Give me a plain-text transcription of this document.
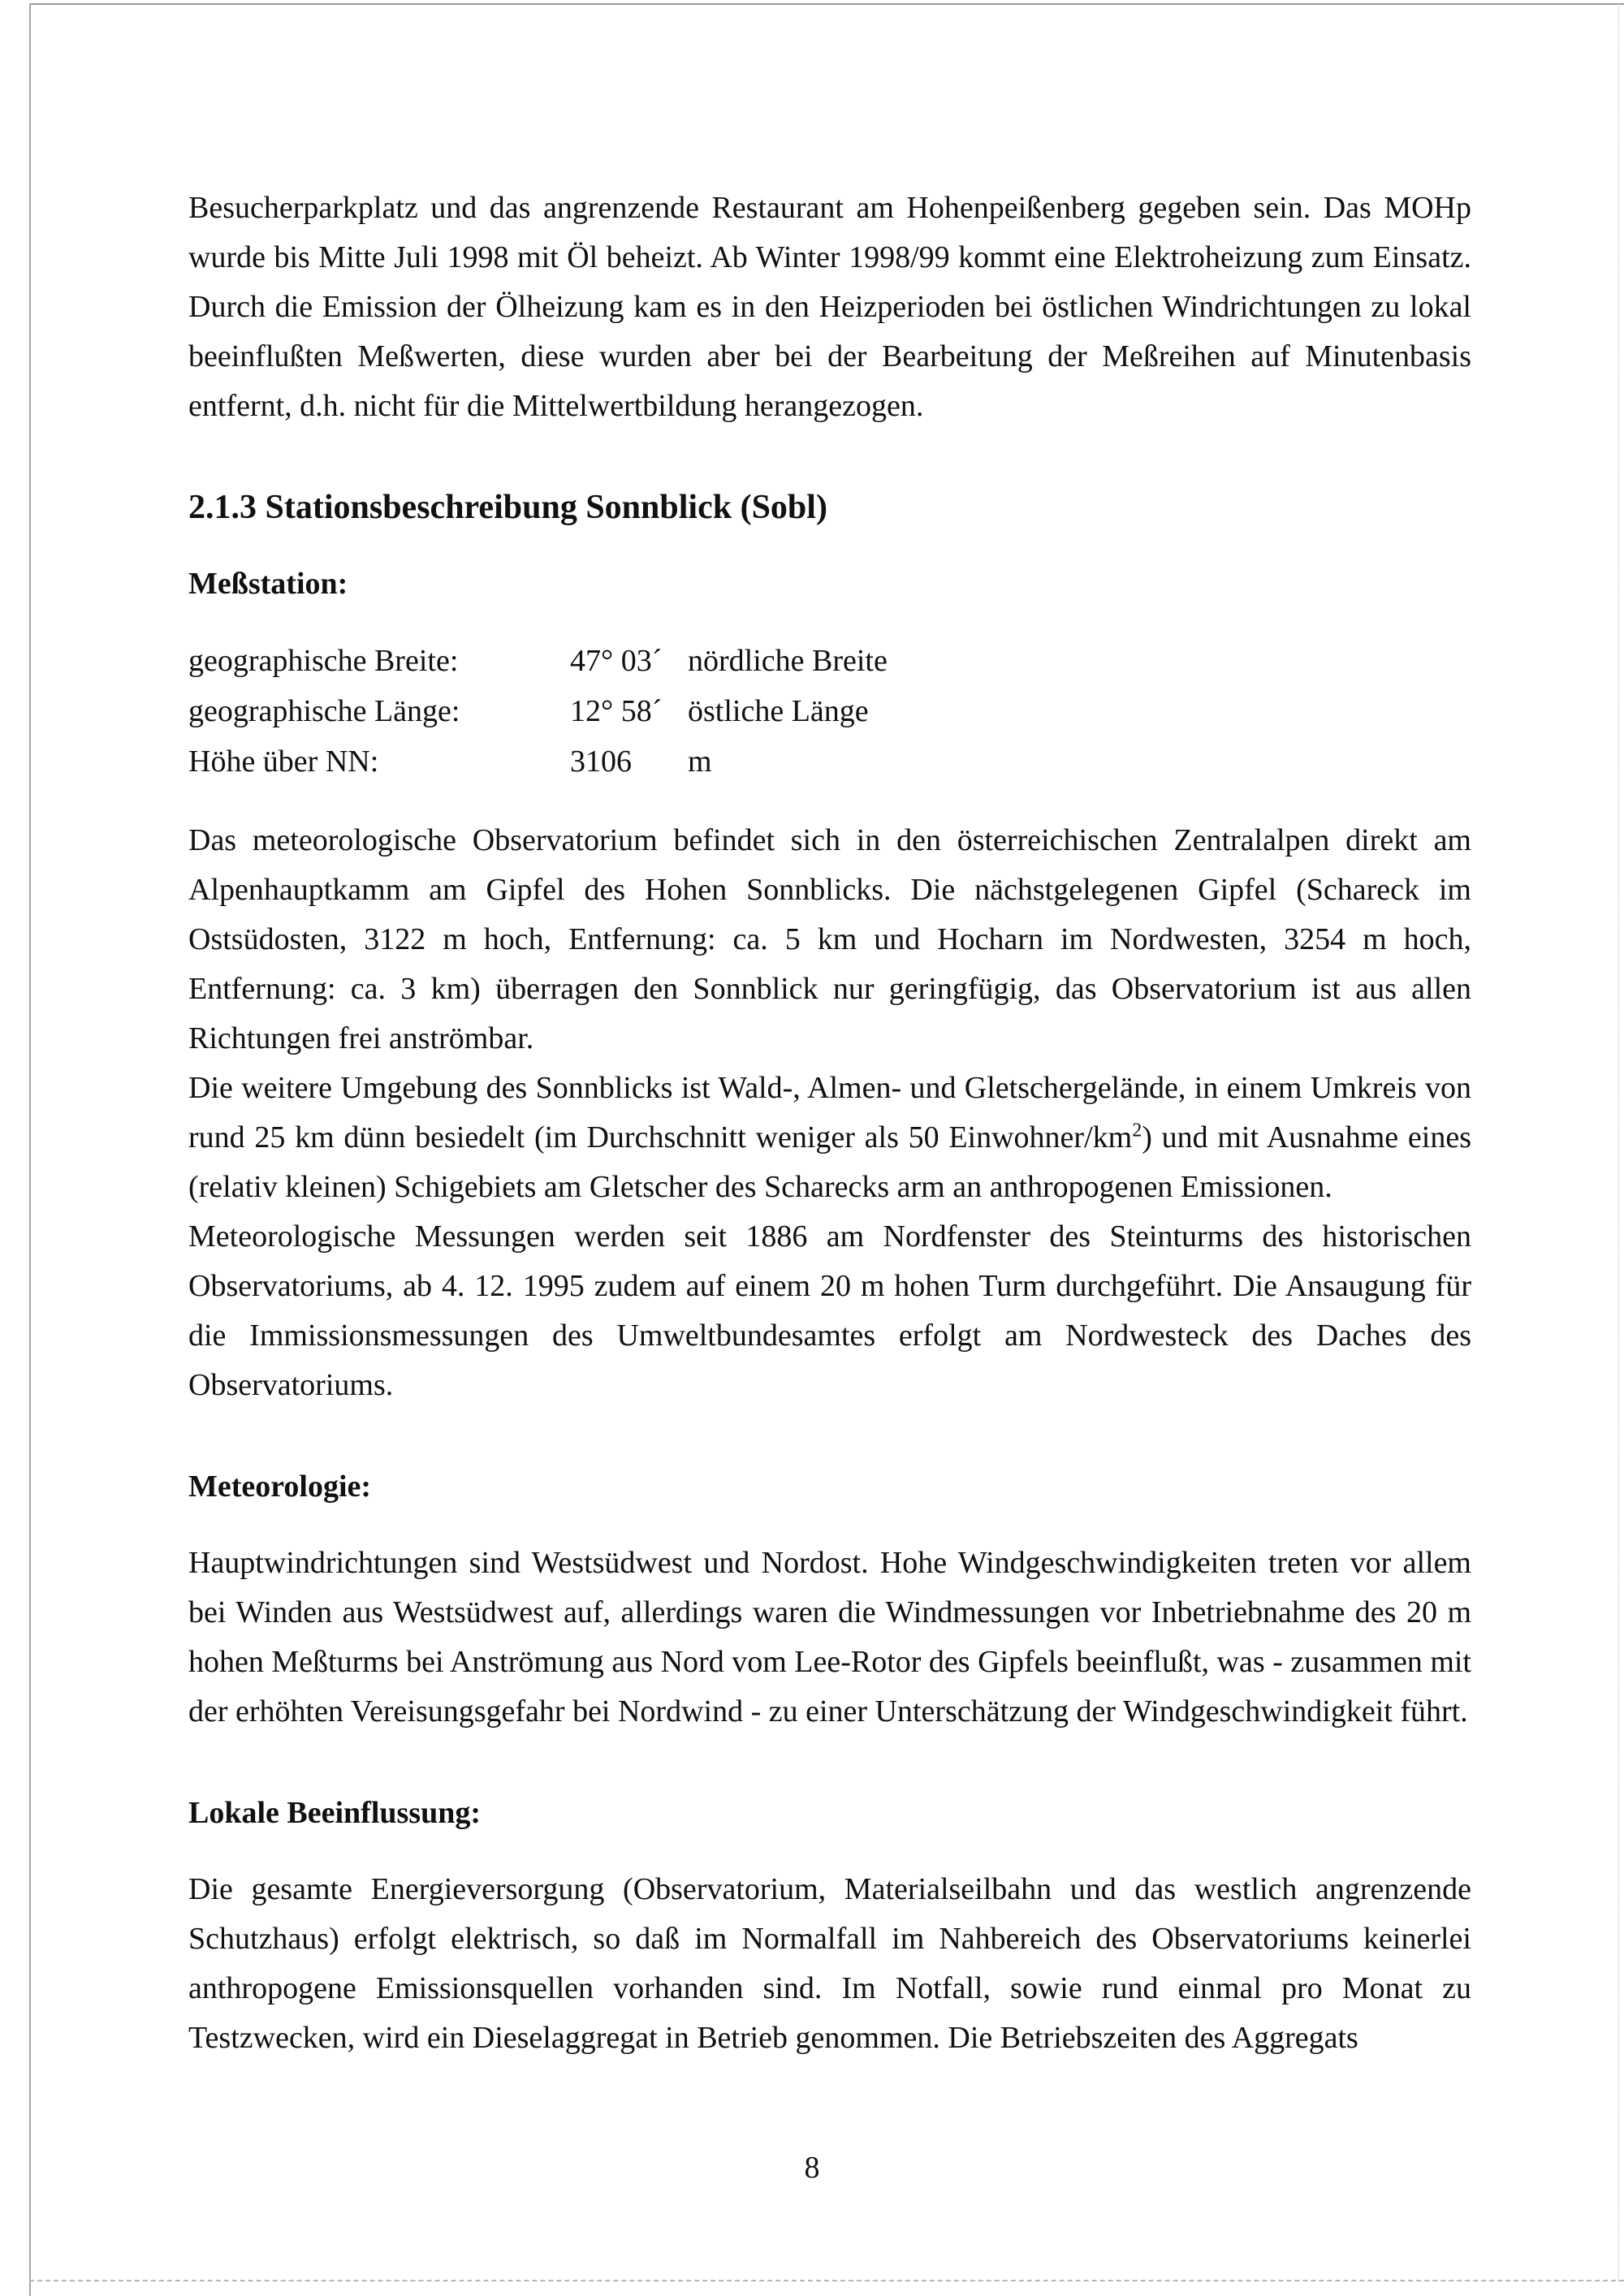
Besucherparkplatz und das angrenzende Restaurant am Hohenpeißenberg gegeben sein. Das MOHp wurde bis Mitte Juli 1998 mit Öl beheizt. Ab Winter 1998/99 kommt eine Elektroheizung zum Einsatz. Durch die Emission der Ölheizung kam es in den Heizperioden bei östlichen Windrichtungen zu lokal beeinflußten Meßwerten, diese wurden aber bei der Bearbeitung der Meßreihen auf Minutenbasis entfernt, d.h. nicht für die Mittelwertbildung herangezogen.

2.1.3 Stationsbeschreibung Sonnblick (Sobl)
Meßstation:
geographische Breite:	47° 03´	nördliche Breite
geographische Länge:	12° 58´	östliche Länge
Höhe über NN:	3106	m

Das meteorologische Observatorium befindet sich in den österreichischen Zentralalpen direkt am Alpenhauptkamm am Gipfel des Hohen Sonnblicks. Die nächstgelegenen Gipfel (Schareck im Ostsüdosten, 3122 m hoch, Entfernung: ca. 5 km und Hocharn im Nordwesten, 3254 m hoch, Entfernung: ca. 3 km) überragen den Sonnblick nur geringfügig, das Observatorium ist aus allen Richtungen frei anströmbar.

Die weitere Umgebung des Sonnblicks ist Wald-, Almen- und Gletschergelände, in einem Umkreis von rund 25 km dünn besiedelt (im Durchschnitt weniger als 50 Einwohner/$km^2$) und mit Ausnahme eines (relativ kleinen) Schigebiets am Gletscher des Scharecks arm an anthropogenen Emissionen.

Meteorologische Messungen werden seit 1886 am Nordfenster des Steinturms des historischen Observatoriums, ab 4. 12. 1995 zudem auf einem 20 m hohen Turm durchgeführt. Die Ansaugung für die Immissionsmessungen des Umweltbundesamtes erfolgt am Nordwesteck des Daches des Observatoriums.

Meteorologie:

Hauptwindrichtungen sind Westsüdwest und Nordost. Hohe Windgeschwindigkeiten treten vor allem bei Winden aus Westsüdwest auf, allerdings waren die Windmessungen vor Inbetriebnahme des 20 m hohen Meßturms bei Anströmung aus Nord vom Lee-Rotor des Gipfels beeinflußt, was - zusammen mit der erhöhten Vereisungsgefahr bei Nordwind - zu einer Unterschätzung der Windgeschwindigkeit führt.

Lokale Beeinflussung:

Die gesamte Energieversorgung (Observatorium, Materialseilbahn und das westlich angrenzende Schutzhaus) erfolgt elektrisch, so daß im Normalfall im Nahbereich des Observatoriums keinerlei anthropogene Emissionsquellen vorhanden sind. Im Notfall, sowie rund einmal pro Monat zu Testzwecken, wird ein Dieselaggregat in Betrieb genommen. Die Betriebszeiten des Aggregats

8
